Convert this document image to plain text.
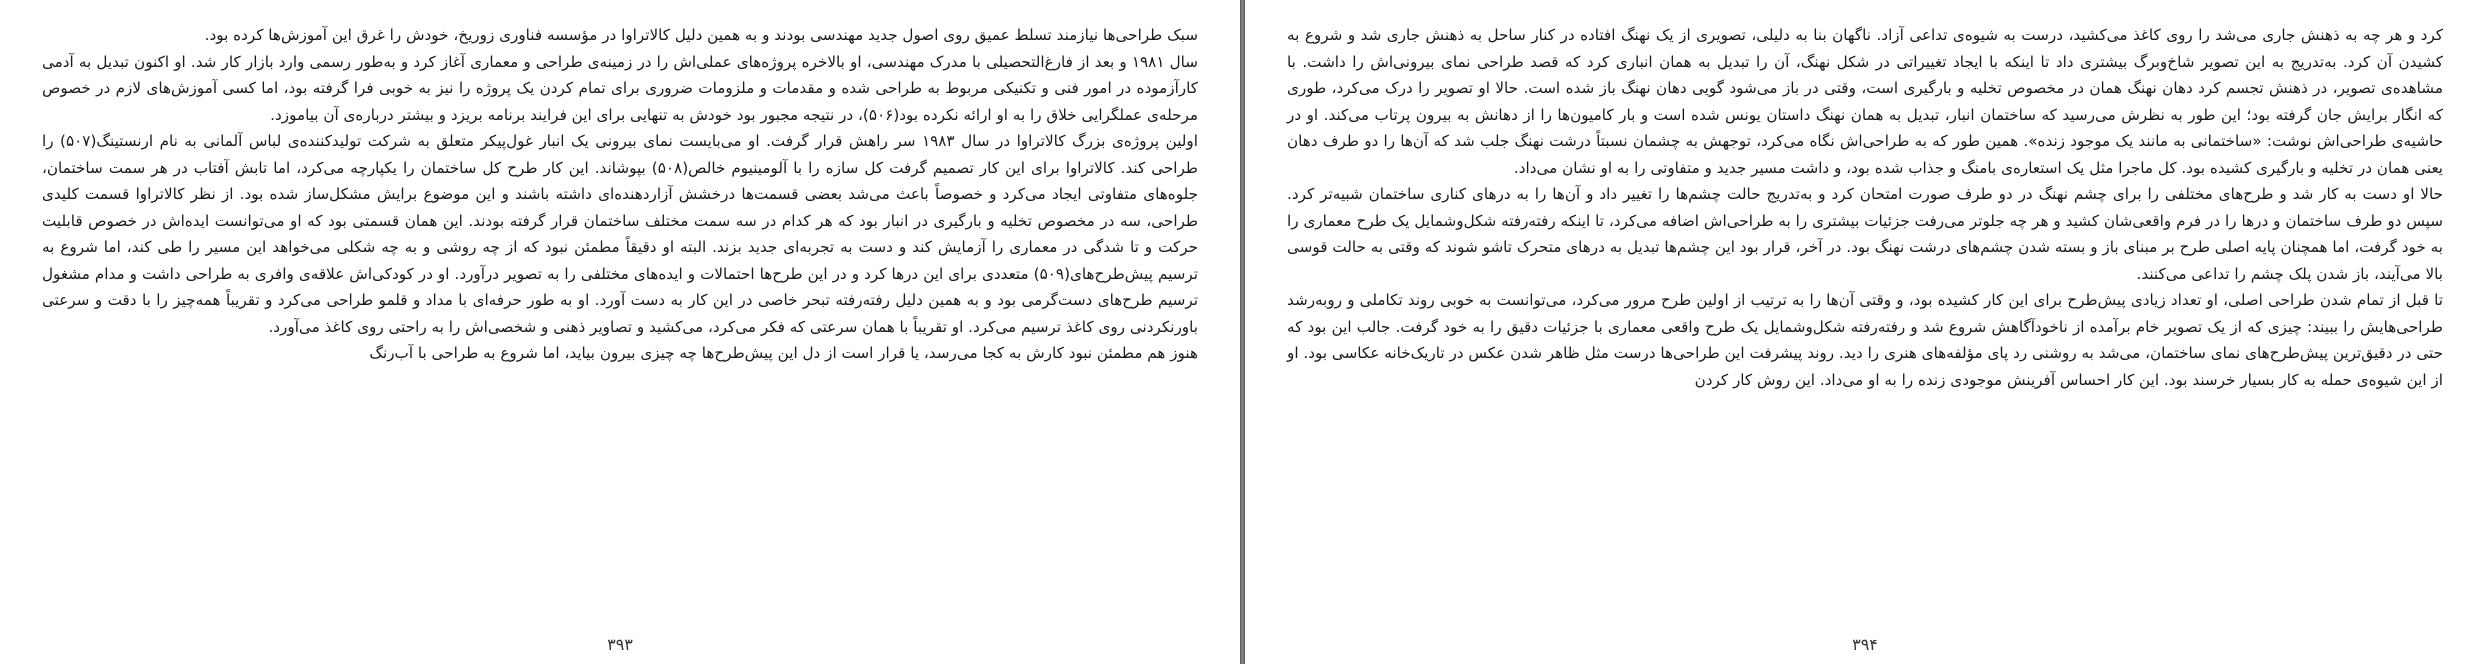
سبک طراحی‌ها نیازمند تسلط عمیق روی اصول جدید مهندسی بودند و به همین دلیل کالاتراوا در مؤسسه فناوری زوریخ، خودش را غرق این آموزش‌ها کرده بود.

سال ۱۹۸۱ و بعد از فارغ‌التحصیلی با مدرک مهندسی، او بالاخره پروژه‌های عملی‌اش را در زمینه‌ی طراحی و معماری آغاز کرد و به‌طور رسمی وارد بازار کار شد. او اکنون تبدیل به آدمی کارآزموده در امور فنی و تکنیکی مربوط به طراحی شده و مقدمات و ملزومات ضروری برای تمام کردن یک پروژه را نیز به خوبی فرا گرفته بود، اما کسی آموزش‌های لازم در خصوص مرحله‌ی عملگرایی خلاق را به او ارائه نکرده بود(۵۰۶)، در نتیجه مجبور بود خودش به تنهایی برای این فرایند برنامه بریزد و بیشتر درباره‌ی آن بیاموزد.

اولین پروژه‌ی بزرگ کالاتراوا در سال ۱۹۸۳ سر راهش قرار گرفت. او می‌بایست نمای بیرونی یک انبار غول‌پیکر متعلق به شرکت تولیدکننده‌ی لباس آلمانی به نام ارنستینگ(۵۰۷) را طراحی کند. کالاتراوا برای این کار تصمیم گرفت کل سازه را با آلومینیوم خالص(۵۰۸) بپوشاند. این کار طرح کل ساختمان را یکپارچه می‌کرد، اما تابش آفتاب در هر سمت ساختمان، جلوه‌های متفاوتی ایجاد می‌کرد و خصوصاً باعث می‌شد بعضی قسمت‌ها درخشش آزاردهنده‌ای داشته باشند و این موضوع برایش مشکل‌ساز شده بود. از نظر کالاتراوا قسمت کلیدی طراحی، سه در مخصوص تخلیه و بارگیری در انبار بود که هر کدام در سه سمت مختلف ساختمان قرار گرفته بودند. این همان قسمتی بود که او می‌توانست ایده‌اش در خصوص قابلیت حرکت و تا شدگی در معماری را آزمایش کند و دست به تجربه‌ای جدید بزند. البته او دقیقاً مطمئن نبود که از چه روشی و به چه شکلی می‌خواهد این مسیر را طی کند، اما شروع به ترسیم پیش‌طرح‌های(۵۰۹) متعددی برای این درها کرد و در این طرح‌ها احتمالات و ایده‌های مختلفی را به تصویر درآورد. او در کودکی‌اش علاقه‌ی وافری به طراحی داشت و مدام مشغول ترسیم طرح‌های دست‌گرمی بود و به همین دلیل رفته‌رفته تبحر خاصی در این کار به دست آورد. او به طور حرفه‌ای با مداد و قلمو طراحی می‌کرد و تقریباً همه‌چیز را با دقت و سرعتی باورنکردنی روی کاغذ ترسیم می‌کرد. او تقریباً با همان سرعتی که فکر می‌کرد، می‌کشید و تصاویر ذهنی و شخصی‌اش را به راحتی روی کاغذ می‌آورد.

هنوز هم مطمئن نبود کارش به کجا می‌رسد، یا قرار است از دل این پیش‌طرح‌ها چه چیزی بیرون بیاید، اما شروع به طراحی با آب‌رنگ

۳۹۳

کرد و هر چه به ذهنش جاری می‌شد را روی کاغذ می‌کشید، درست به شیوه‌ی تداعی آزاد. ناگهان بنا به دلیلی، تصویری از یک نهنگ افتاده در کنار ساحل به ذهنش جاری شد و شروع به کشیدن آن کرد. به‌تدریج به این تصویر شاخ‌وبرگ بیشتری داد تا اینکه با ایجاد تغییراتی در شکل نهنگ، آن را تبدیل به همان انباری کرد که قصد طراحی نمای بیرونی‌اش را داشت. با مشاهده‌ی تصویر، در ذهنش تجسم کرد دهان نهنگ همان در مخصوص تخلیه و بارگیری است، وقتی در باز می‌شود گویی دهان نهنگ باز شده است. حالا او تصویر را درک می‌کرد، طوری که انگار برایش جان گرفته بود؛ این طور به نظرش می‌رسید که ساختمان انبار، تبدیل به همان نهنگ داستان یونس شده است و بار کامیون‌ها را از دهانش به بیرون پرتاب می‌کند. او در حاشیه‌ی طراحی‌اش نوشت: «ساختمانی به مانند یک موجود زنده». همین طور که به طراحی‌اش نگاه می‌کرد، توجهش به چشمان نسبتاً درشت نهنگ جلب شد که آن‌ها را دو طرف دهان یعنی همان در تخلیه و بارگیری کشیده بود. کل ماجرا مثل یک استعاره‌ی بامنگ و جذاب شده بود، و داشت مسیر جدید و متفاوتی را به او نشان می‌داد.

حالا او دست به کار شد و طرح‌های مختلفی را برای چشم نهنگ در دو طرف صورت امتحان کرد و به‌تدریج حالت چشم‌ها را تغییر داد و آن‌ها را به درهای کناری ساختمان شبیه‌تر کرد. سپس دو طرف ساختمان و درها را در فرم واقعی‌شان کشید و هر چه جلوتر می‌رفت جزئیات بیشتری را به طراحی‌اش اضافه می‌کرد، تا اینکه رفته‌رفته شکل‌وشمایل یک طرح معماری را به خود گرفت، اما همچنان پایه اصلی طرح بر مبنای باز و بسته شدن چشم‌های درشت نهنگ بود. در آخر، قرار بود این چشم‌ها تبدیل به درهای متحرک تاشو شوند که وقتی به حالت قوسی بالا می‌آیند، باز شدن پلک چشم را تداعی می‌کنند.

تا قبل از تمام شدن طراحی اصلی، او تعداد زیادی پیش‌طرح برای این کار کشیده بود، و وقتی آن‌ها را به ترتیب از اولین طرح مرور می‌کرد، می‌توانست به خوبی روند تکاملی و روبه‌رشد طراحی‌هایش را ببیند: چیزی که از یک تصویر خام برآمده از ناخودآگاهش شروع شد و رفته‌رفته شکل‌وشمایل یک طرح واقعی معماری با جزئیات دقیق را به خود گرفت. جالب این بود که حتی در دقیق‌ترین پیش‌طرح‌های نمای ساختمان، می‌شد به روشنی رد پای مؤلفه‌های هنری را دید. روند پیشرفت این طراحی‌ها درست مثل ظاهر شدن عکس در تاریک‌خانه عکاسی بود. او از این شیوه‌ی حمله به کار بسیار خرسند بود. این کار احساس آفرینش موجودی زنده را به او می‌داد. این روش کار کردن

۳۹۴
